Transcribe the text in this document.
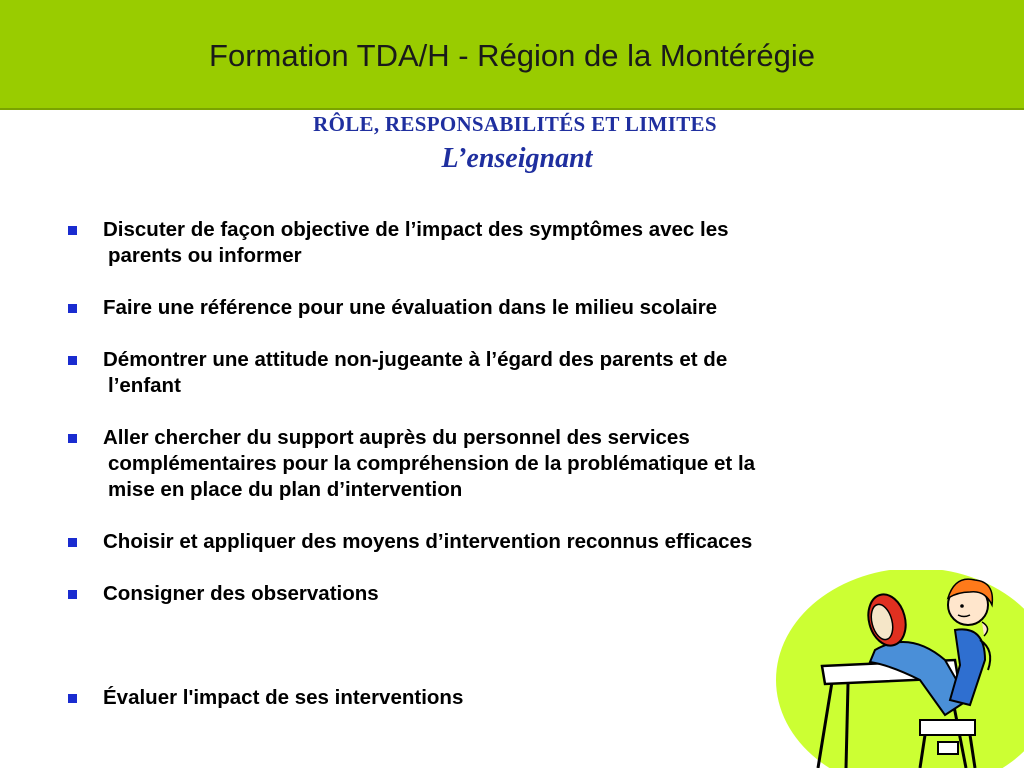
Formation TDA/H - Région de la Montérégie
RÔLE, RESPONSABILITÉS ET LIMITES
L’enseignant
Discuter de façon objective de l’impact des symptômes avec les
parents ou informer
Faire une référence pour une évaluation dans le milieu scolaire
Démontrer une attitude non-jugeante à l’égard des parents et de
l’enfant
Aller chercher du support auprès du personnel des services
complémentaires pour la compréhension de la problématique et la
mise en place du plan d’intervention
Choisir et appliquer des moyens d’intervention reconnus efficaces
Consigner des observations
Évaluer l'impact de ses interventions
